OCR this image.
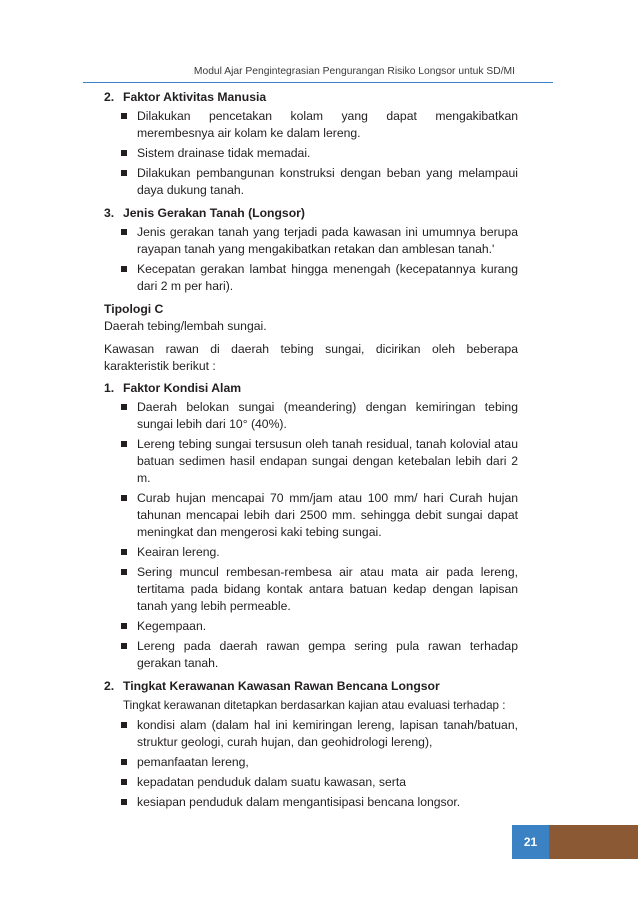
Modul Ajar Pengintegrasian Pengurangan Risiko Longsor untuk SD/MI
2. Faktor Aktivitas Manusia
Dilakukan pencetakan kolam yang dapat mengakibatkan merembesnya air kolam ke dalam lereng.
Sistem drainase tidak memadai.
Dilakukan pembangunan konstruksi dengan beban yang melampaui daya dukung tanah.
3. Jenis Gerakan Tanah (Longsor)
Jenis gerakan tanah yang terjadi pada kawasan ini umumnya berupa rayapan tanah yang mengakibatkan retakan dan amblesan tanah.'
Kecepatan gerakan lambat hingga menengah (kecepatannya kurang dari 2 m per hari).
Tipologi C
Daerah tebing/lembah sungai.
Kawasan rawan di daerah tebing sungai, dicirikan oleh beberapa karakteristik berikut :
1. Faktor Kondisi Alam
Daerah belokan sungai (meandering) dengan kemiringan tebing sungai lebih dari 10° (40%).
Lereng tebing sungai tersusun oleh tanah residual, tanah kolovial atau batuan sedimen hasil endapan sungai dengan ketebalan lebih dari 2 m.
Curab hujan mencapai 70 mm/jam atau 100 mm/ hari Curah hujan tahunan mencapai lebih dari 2500 mm. sehingga debit sungai dapat meningkat dan mengerosi kaki tebing sungai.
Keairan lereng.
Sering muncul rembesan-rembesa air atau mata air pada lereng, tertitama pada bidang kontak antara batuan kedap dengan lapisan tanah yang lebih permeable.
Kegempaan.
Lereng pada daerah rawan gempa sering pula rawan terhadap gerakan tanah.
2. Tingkat Kerawanan Kawasan Rawan Bencana Longsor
Tingkat kerawanan ditetapkan berdasarkan kajian atau evaluasi terhadap :
kondisi alam (dalam hal ini kemiringan lereng, lapisan tanah/batuan, struktur geologi, curah hujan, dan geohidrologi lereng),
pemanfaatan lereng,
kepadatan penduduk dalam suatu kawasan, serta
kesiapan penduduk dalam mengantisipasi bencana longsor.
21
